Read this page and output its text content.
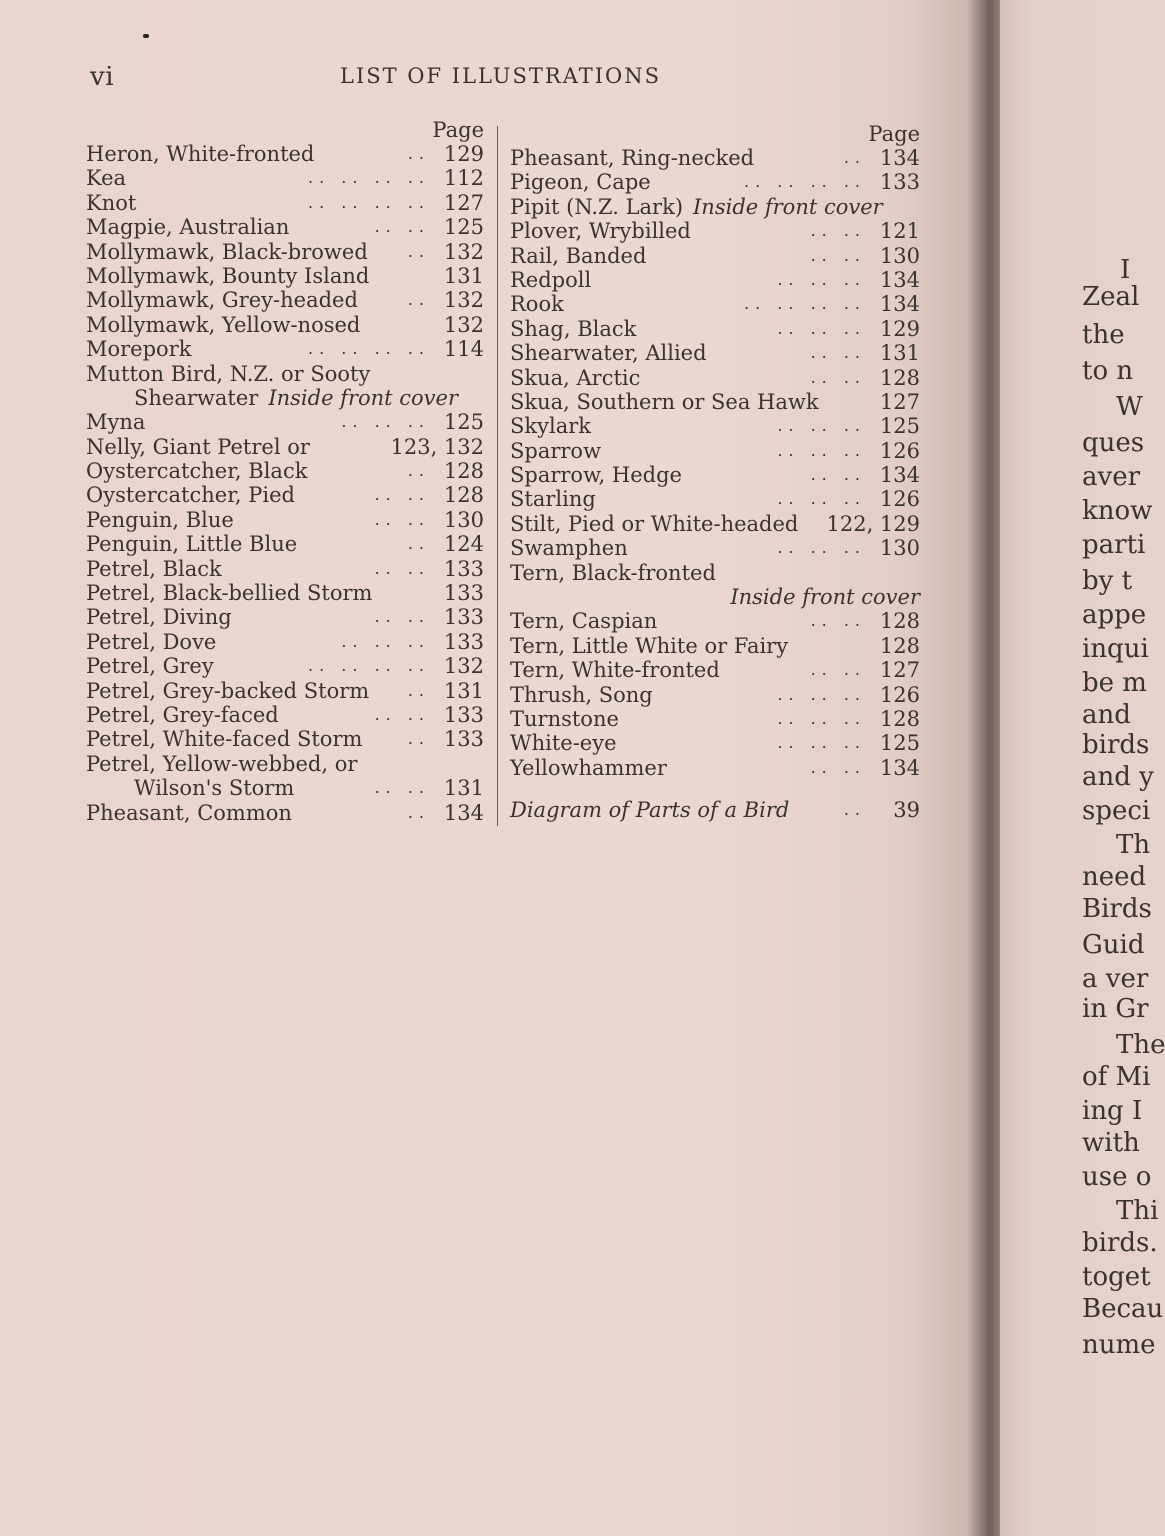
vi	LIST OF ILLUSTRATIONS
Page
Heron, White-fronted	.. 129
Kea	.. .. .. .. 112
Knot	.. .. .. .. 127
Magpie, Australian	.. .. 125
Mollymawk, Black-browed	.. 132
Mollymawk, Bounty Island	131
Mollymawk, Grey-headed	.. 132
Mollymawk, Yellow-nosed	132
Morepork	.. .. .. .. 114
Mutton Bird, N.Z. or Sooty
Shearwater Inside front cover
Myna	.. .. .. 125
Nelly, Giant Petrel or	123, 132
Oystercatcher, Black	.. 128
Oystercatcher, Pied	.. .. 128
Penguin, Blue	.. .. 130
Penguin, Little Blue	.. 124
Petrel, Black	.. .. 133
Petrel, Black-bellied Storm	133
Petrel, Diving	.. .. 133
Petrel, Dove	.. .. .. 133
Petrel, Grey	.. .. .. .. 132
Petrel, Grey-backed Storm	.. 131
Petrel, Grey-faced	.. .. 133
Petrel, White-faced Storm	.. 133
Petrel, Yellow-webbed, or
Wilson's Storm	.. .. 131
Pheasant, Common	.. 134
Page
Pheasant, Ring-necked	.. 134
Pigeon, Cape	.. .. .. .. 133
Pipit (N.Z. Lark) Inside front cover
Plover, Wrybilled	.. .. 121
Rail, Banded	.. .. 130
Redpoll	.. .. .. 134
Rook	.. .. .. .. 134
Shag, Black	.. .. .. 129
Shearwater, Allied	.. .. 131
Skua, Arctic	.. .. 128
Skua, Southern or Sea Hawk	127
Skylark	.. .. .. 125
Sparrow	.. .. .. 126
Sparrow, Hedge	.. .. 134
Starling	.. .. .. 126
Stilt, Pied or White-headed 122, 129
Swamphen	.. .. .. 130
Tern, Black-fronted
Inside front cover
Tern, Caspian	.. .. 128
Tern, Little White or Fairy	128
Tern, White-fronted	.. .. 127
Thrush, Song	.. .. .. 126
Turnstone	.. .. .. 128
White-eye	.. .. .. 125
Yellowhammer	.. .. 134
Diagram of Parts of a Bird	..	39
I
Zeal
the
to n
W
ques
aver
know
parti
by t
appe
inqui
be m
and
birds
and y
speci
Th
need
Birds
Guid
a ver
in Gr
The
of Mi
ing I
with
use o
Thi
birds.
toget
Becau
nume
